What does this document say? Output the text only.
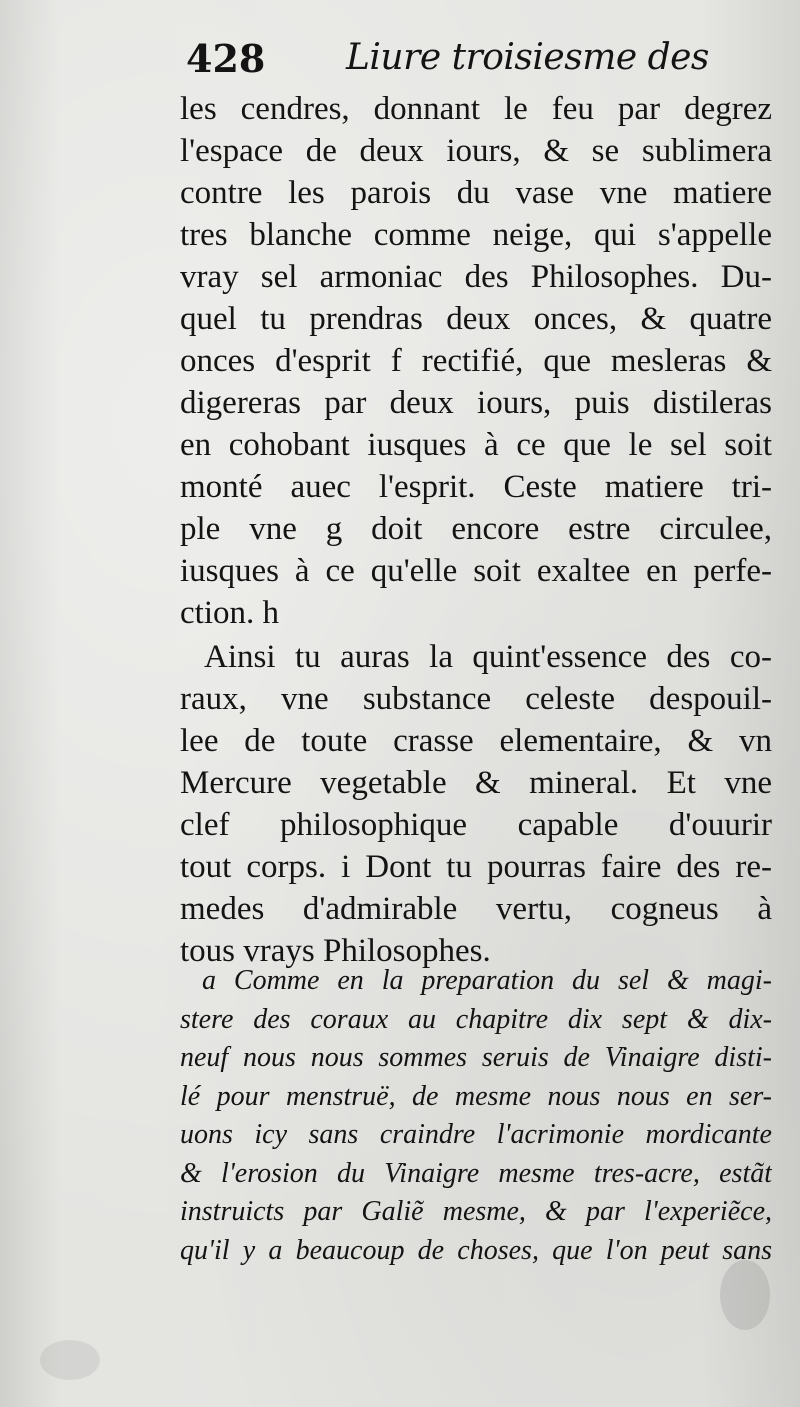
428 Liure troisiesme des
les cendres, donnant le feu par degrez
l'espace de deux iours, & se sublimera
contre les parois du vase vne matiere
tres blanche comme neige, qui s'appelle
vray sel armoniac des Philosophes. Du-
quel tu prendras deux onces, & quatre
onces d'esprit f rectifié, que mesleras &
digereras par deux iours, puis distileras
en cohobant iusques à ce que le sel soit
monté auec l'esprit. Ceste matiere tri-
ple vne g doit encore estre circulee,
iusques à ce qu'elle soit exaltee en perfe-
ction. h
Ainsi tu auras la quint'essence des co-
raux, vne substance celeste despouil-
lee de toute crasse elementaire, & vn
Mercure vegetable & mineral. Et vne
clef philosophique capable d'ouurir
tout corps. i Dont tu pourras faire des re-
medes d'admirable vertu, cogneus à
tous vrays Philosophes.
a Comme en la preparation du sel & magi-
stere des coraux au chapitre dix sept & dix-
neuf nous nous sommes seruis de Vinaigre disti-
lé pour menstruë, de mesme nous nous en ser-
uons icy sans craindre l'acrimonie mordicante
& l'erosion du Vinaigre mesme tres-acre, estãt
instruicts par Galiẽ mesme, & par l'experiẽce,
qu'il y a beaucoup de choses, que l'on peut sans
